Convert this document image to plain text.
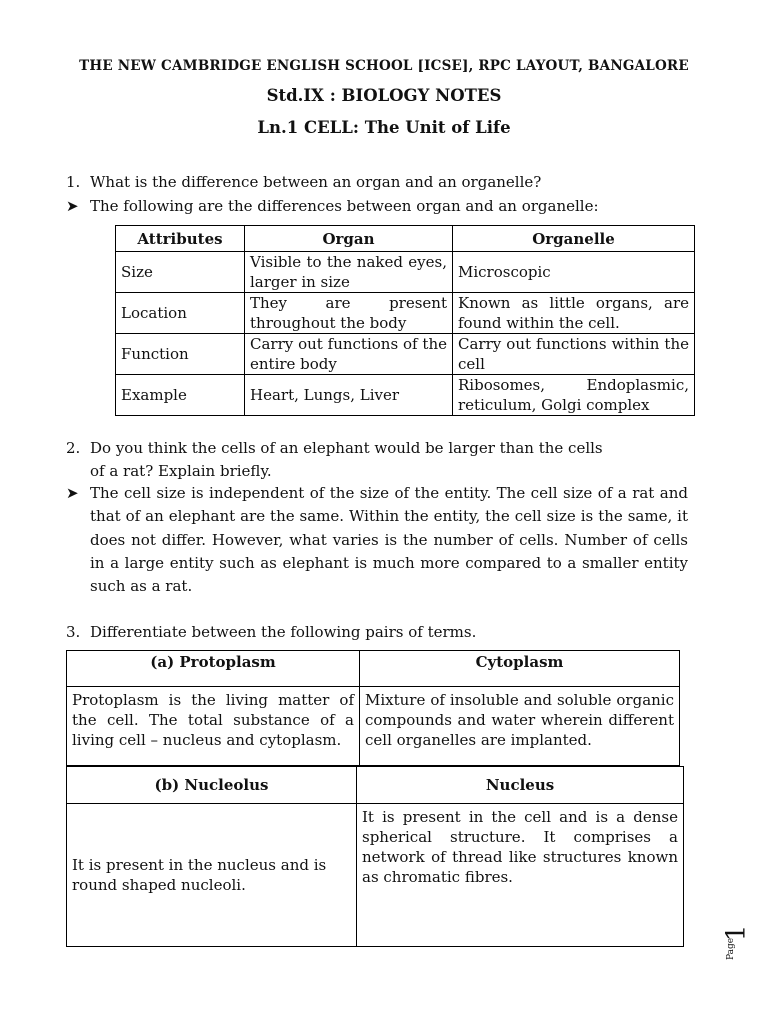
THE NEW CAMBRIDGE ENGLISH SCHOOL [ICSE], RPC LAYOUT, BANGALORE
Std.IX : BIOLOGY NOTES
Ln.1 CELL: The Unit of Life
1. What is the difference between an organ and an organelle?
➤ The following are the differences between organ and an organelle:
Attributes	Organ	Organelle
Size	Visible to the naked eyes, larger in size	Microscopic
Location	They are present throughout the body	Known as little organs, are found within the cell.
Function	Carry out functions of the entire body	Carry out functions within the cell
Example	Heart, Lungs, Liver	Ribosomes, Endoplasmic, reticulum, Golgi complex
2. Do you think the cells of an elephant would be larger than the cells
of a rat? Explain briefly.
➤ The cell size is independent of the size of the entity. The cell size of a rat and that of an elephant are the same. Within the entity, the cell size is the same, it does not differ. However, what varies is the number of cells. Number of cells in a large entity such as elephant is much more compared to a smaller entity such as a rat.
3. Differentiate between the following pairs of terms.
(a) Protoplasm	Cytoplasm
Protoplasm is the living matter of the cell. The total substance of a living cell – nucleus and cytoplasm.	Mixture of insoluble and soluble organic compounds and water wherein different cell organelles are implanted.
(b) Nucleolus	Nucleus
It is present in the nucleus and is round shaped nucleoli.	It is present in the cell and is a dense spherical structure. It comprises a network of thread like structures known as chromatic fibres.
Page
1
